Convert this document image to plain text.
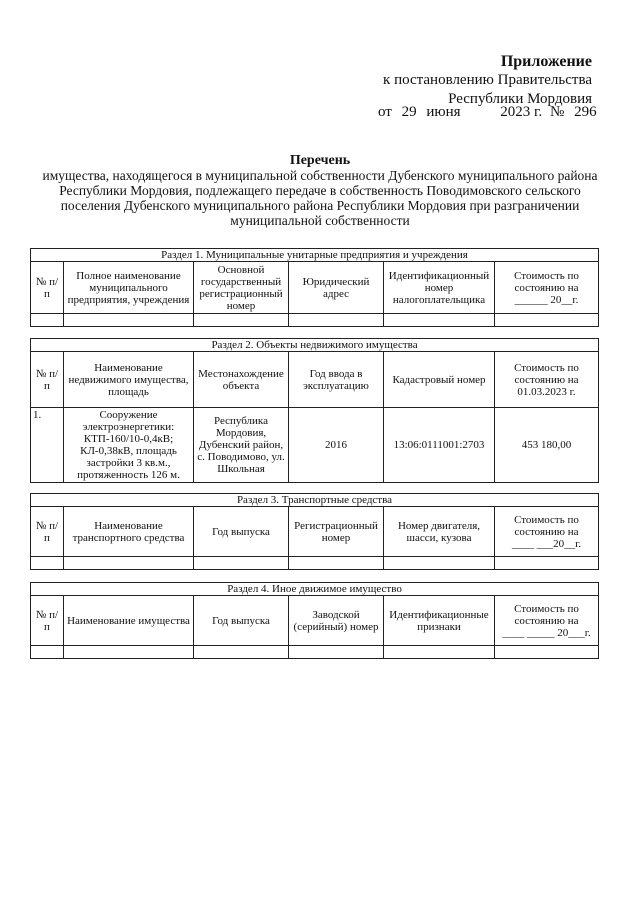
Приложение
к постановлению Правительства
Республики Мордовия
от 29 июня	2023 г. № 296
Перечень
имущества, находящегося в муниципальной собственности Дубенского муниципального района
Республики Мордовия, подлежащего передаче в собственность Поводимовского сельского
поселения Дубенского муниципального района Республики Мордовия при разграничении
муниципальной собственности
Раздел 1. Муниципальные унитарные предприятия и учреждения					
№ п/п	Полное наименование муниципального предприятия, учреждения	Основной государственный регистрационный номер	Юридический адрес	Идентификационный номер налогоплательщика	Стоимость по состоянию на
______ 20__г.

Раздел 2. Объекты недвижимого имущества					
№ п/п	Наименование недвижимого имущества, площадь	Местонахождение объекта	Год ввода в эксплуатацию	Кадастровый номер	Стоимость по состоянию на 01.03.2023 г.
1.	Сооружение электроэнергетики: КТП-160/10-0,4кВ; КЛ-0,38кВ, площадь застройки 3 кв.м., протяженность 126 м.	Республика Мордовия, Дубенский район, с. Поводимово, ул. Школьная	2016	13:06:0111001:2703	453 180,00
Раздел 3. Транспортные средства					
№ п/п	Наименование транспортного средства	Год выпуска	Регистрационный номер	Номер двигателя, шасси, кузова	Стоимость по состоянию на
____ ___20__г.

Раздел 4. Иное движимое имущество					
№ п/п	Наименование имущества	Год выпуска	Заводской (серийный) номер	Идентификационные признаки	Стоимость по состоянию на
____ _____ 20___г.
